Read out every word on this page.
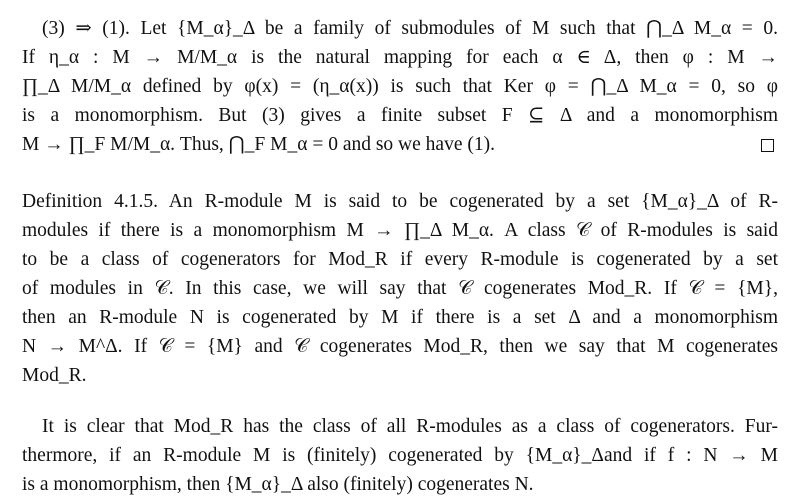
(3) ⇒ (1). Let {M_α}_Δ be a family of submodules of M such that ⋂_Δ M_α = 0.
If η_α : M → M/M_α is the natural mapping for each α ∈ Δ, then φ : M →
∏_Δ M/M_α defined by φ(x) = (η_α(x)) is such that Ker φ = ⋂_Δ M_α = 0, so φ
is a monomorphism. But (3) gives a finite subset F ⊆ Δ and a monomorphism
M → ∏_F M/M_α. Thus, ⋂_F M_α = 0 and so we have (1).

Definition 4.1.5. An R-module M is said to be cogenerated by a set {M_α}_Δ of R-
modules if there is a monomorphism M → ∏_Δ M_α. A class 𝒞 of R-modules is said
to be a class of cogenerators for Mod_R if every R-module is cogenerated by a set
of modules in 𝒞. In this case, we will say that 𝒞 cogenerates Mod_R. If 𝒞 = {M},
then an R-module N is cogenerated by M if there is a set Δ and a monomorphism
N → M^Δ. If 𝒞 = {M} and 𝒞 cogenerates Mod_R, then we say that M cogenerates
Mod_R.

It is clear that Mod_R has the class of all R-modules as a class of cogenerators. Fur-
thermore, if an R-module M is (finitely) cogenerated by {M_α}_Δand if f : N → M
is a monomorphism, then {M_α}_Δ also (finitely) cogenerates N.
